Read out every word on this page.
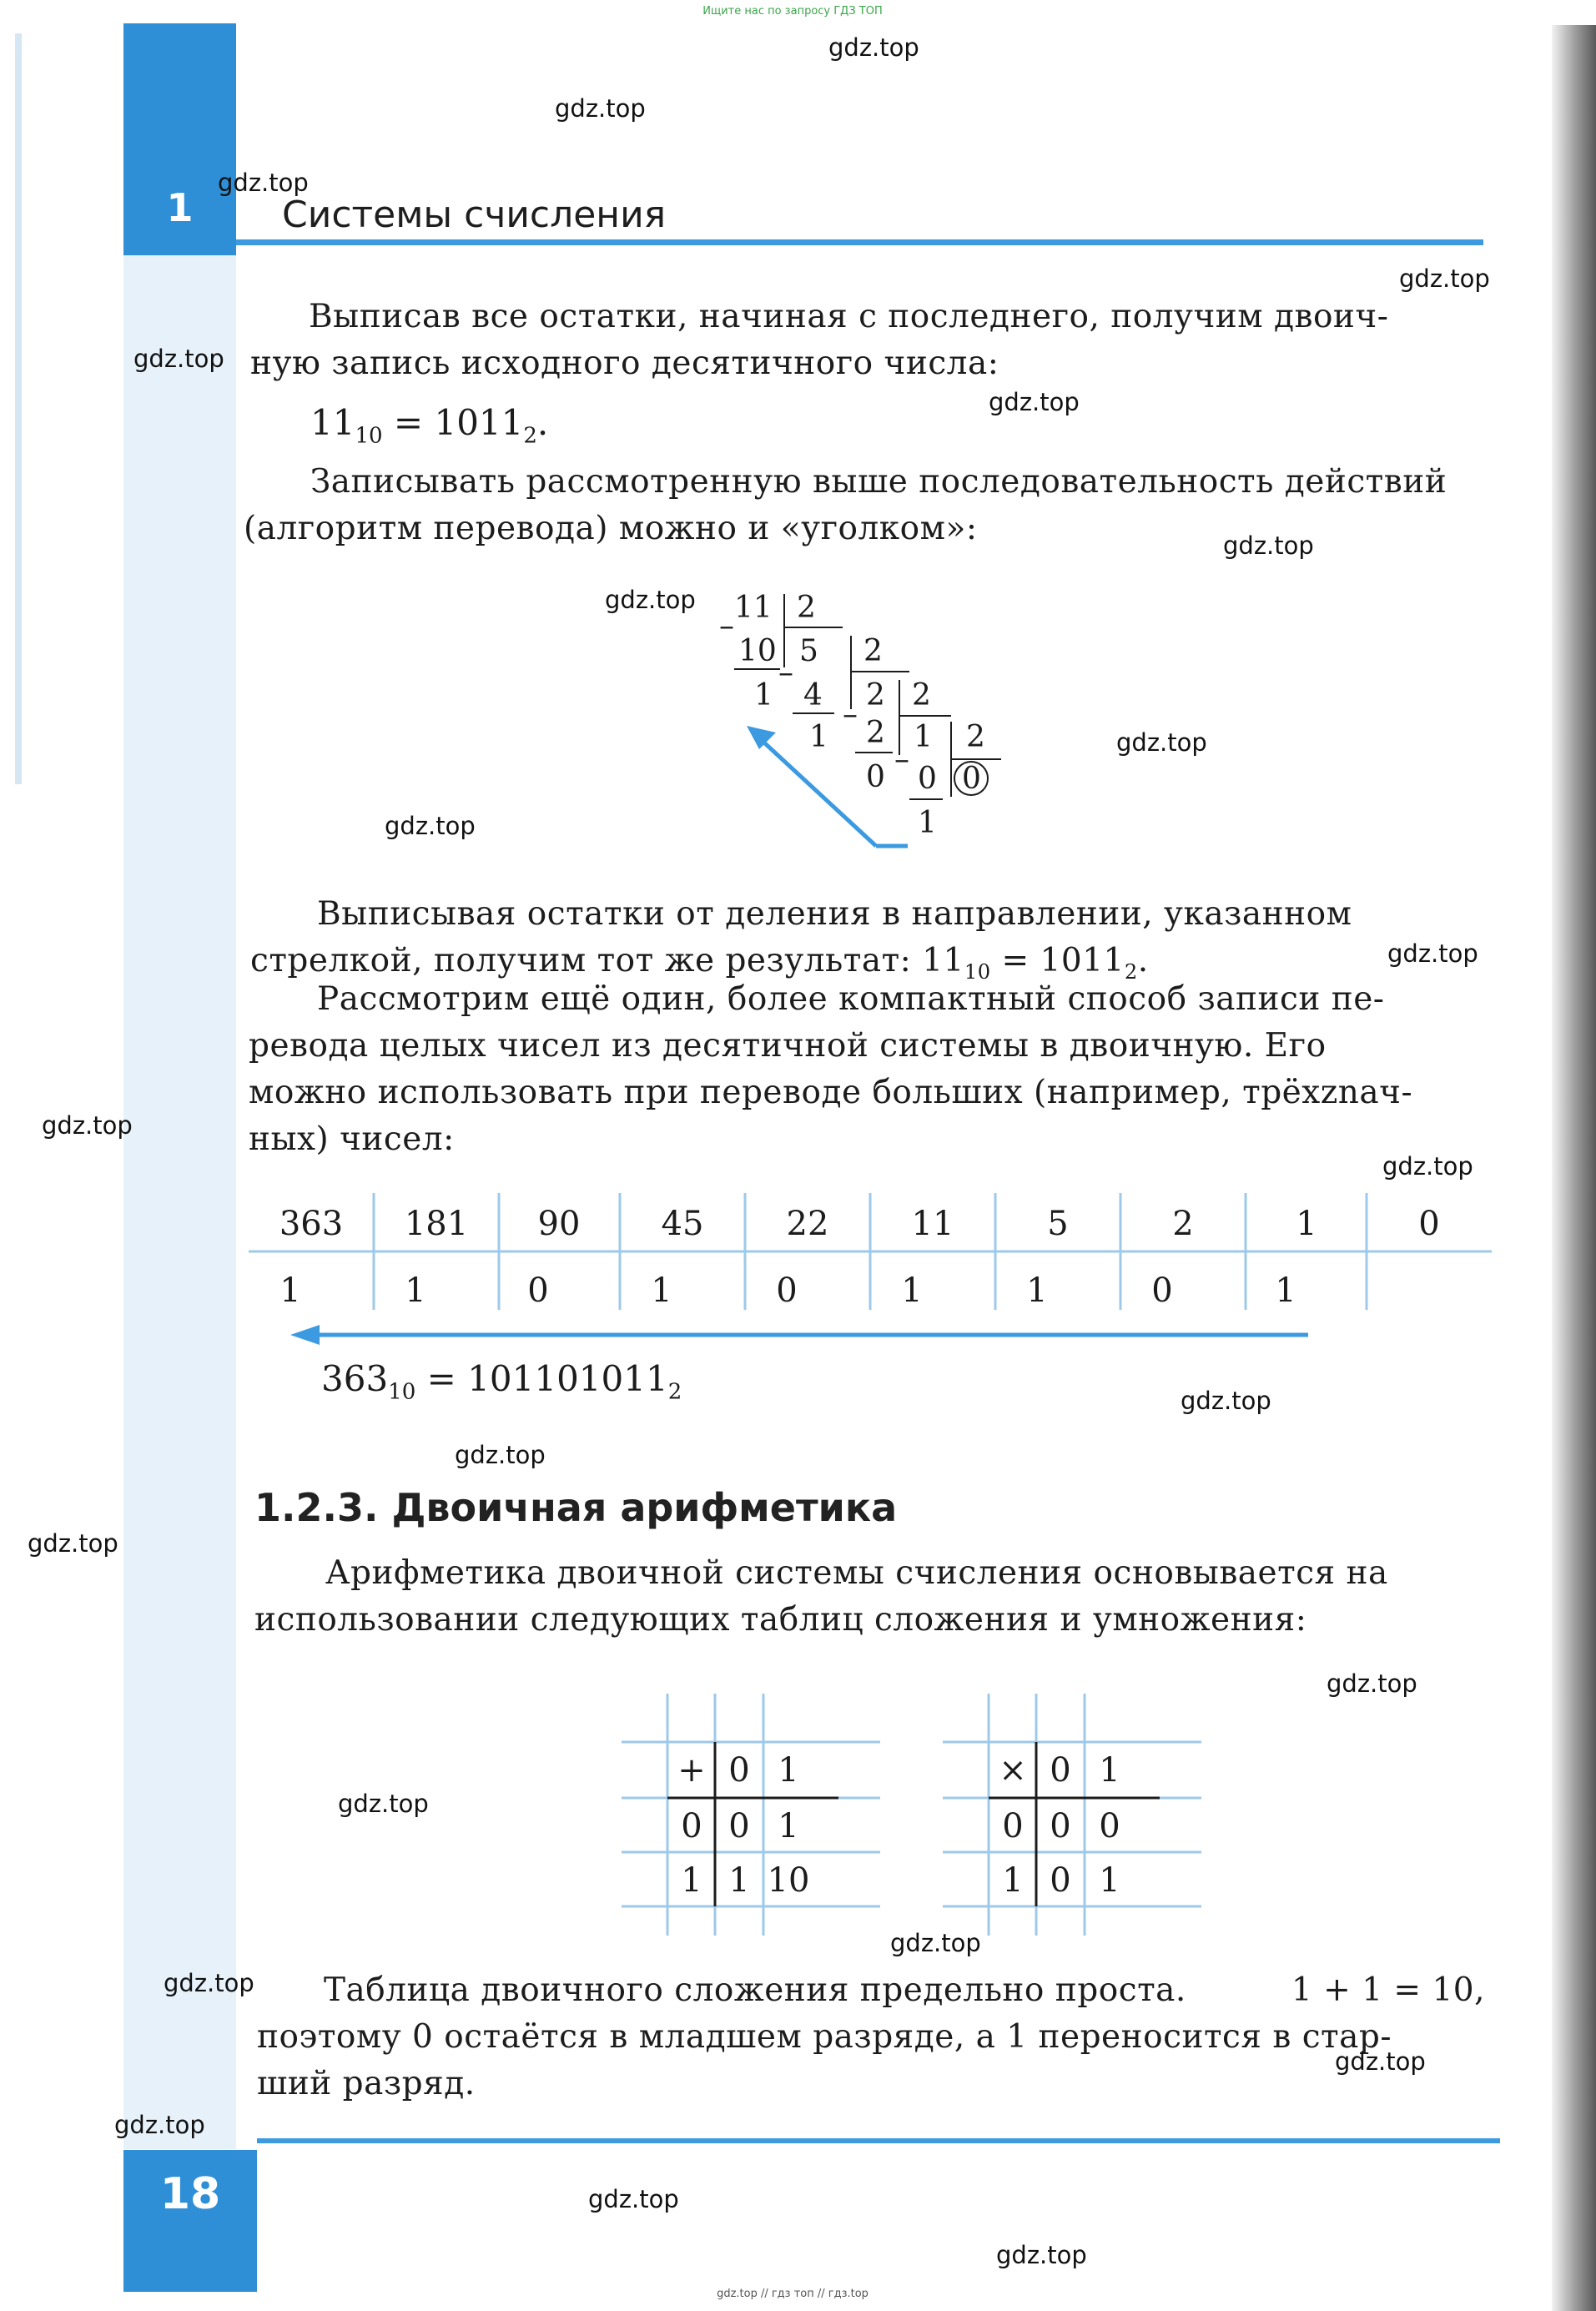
1	Системы счисления
18
Ищите нас по запросу ГДЗ ТОП
gdz.top // гдз топ // гдз.top
Выписав все остатки, начиная с последнего, получим двоич-
ную запись исходного десятичного числа:
$11_{10} = 1011_2$.
Записывать рассмотренную выше последовательность действий
(алгоритм перевода) можно и «уголком»:
11 2
10 5 2
1 4 2 2
1 2 1 2
0 0 0
1
–
–
–
–
Выписывая остатки от деления в направлении, указанном
стрелкой, получим тот же результат: $11_{10} = 1011_2$.
Рассмотрим ещё один, более компактный способ записи пе-
ревода целых чисел из десятичной системы в двоичную. Его
можно использовать при переводе больших (например, трёхznач-
ных) чисел:
363 181 90 45 22 11	5	2	1	0
1	1	0	1	0	1	1	0	1
$363_{10} = 101101011_2$
1.2.3. Двоичная арифметика
Арифметика двоичной системы счисления основывается на
использовании следующих таблиц сложения и умножения:
+ 0 1
0 0 1
1 1 10
× 0 1
0 0 0
1 0 1
Таблица двоичного сложения предельно проста.	1 + 1 = 10,
поэтому 0 остаётся в младшем разряде, а 1 переносится в стар-
ший разряд.
gdz.top
gdz.top
gdz.top
gdz.top
gdz.top
gdz.top
gdz.top
gdz.top
gdz.top
gdz.top
gdz.top
gdz.top
gdz.top
gdz.top
gdz.top
gdz.top
gdz.top
gdz.top
gdz.top
gdz.top
gdz.top
gdz.top
gdz.top
gdz.top
